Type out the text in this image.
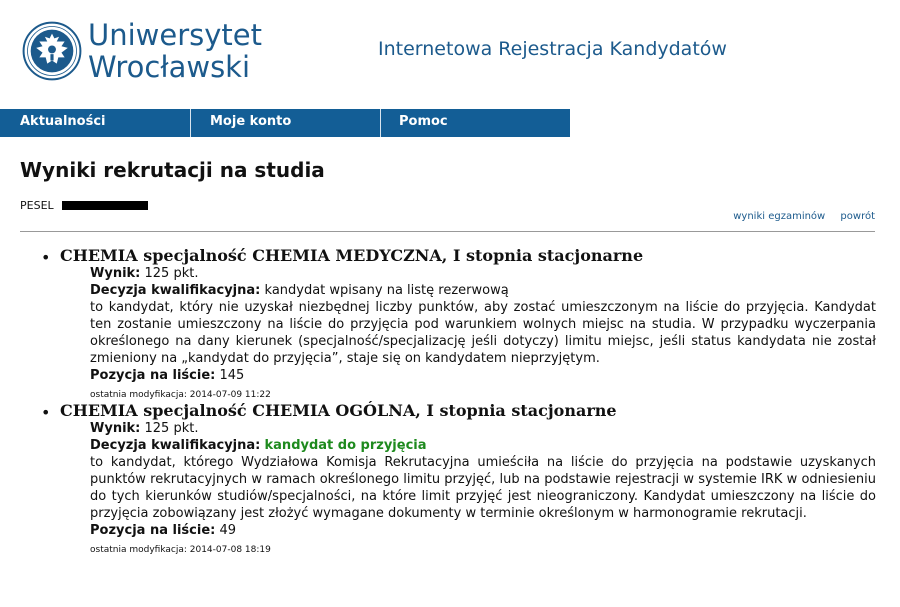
Uniwersytet
Wrocławski
Internetowa Rejestracja Kandydatów
Aktualności	Moje konto	Pomoc
Wyniki rekrutacji na studia
PESEL
wyniki egzaminów powrót
• CHEMIA specjalność CHEMIA MEDYCZNA, I stopnia stacjonarne
Wynik: 125 pkt.
Decyzja kwalifikacyjna: kandydat wpisany na listę rezerwową

to kandydat, który nie uzyskał niezbędnej liczby punktów, aby zostać umieszczonym na liście do przyjęcia. Kandydat ten zostanie umieszczony na liście do przyjęcia pod warunkiem wolnych miejsc na studia. W przypadku wyczerpania określonego na dany kierunek (specjalność/specjalizację jeśli dotyczy) limitu miejsc, jeśli status kandydata nie został zmieniony na „kandydat do przyjęcia”, staje się on kandydatem nieprzyjętym.

Pozycja na liście: 145
ostatnia modyfikacja: 2014-07-09 11:22
• CHEMIA specjalność CHEMIA OGÓLNA, I stopnia stacjonarne
Wynik: 125 pkt.
Decyzja kwalifikacyjna: kandydat do przyjęcia

to kandydat, którego Wydziałowa Komisja Rekrutacyjna umieściła na liście do przyjęcia na podstawie uzyskanych punktów rekrutacyjnych w ramach określonego limitu przyjęć, lub na podstawie rejestracji w systemie IRK w odniesieniu do tych kierunków studiów/specjalności, na które limit przyjęć jest nieograniczony. Kandydat umieszczony na liście do przyjęcia zobowiązany jest złożyć wymagane dokumenty w terminie określonym w harmonogramie rekrutacji.

Pozycja na liście: 49
ostatnia modyfikacja: 2014-07-08 18:19
